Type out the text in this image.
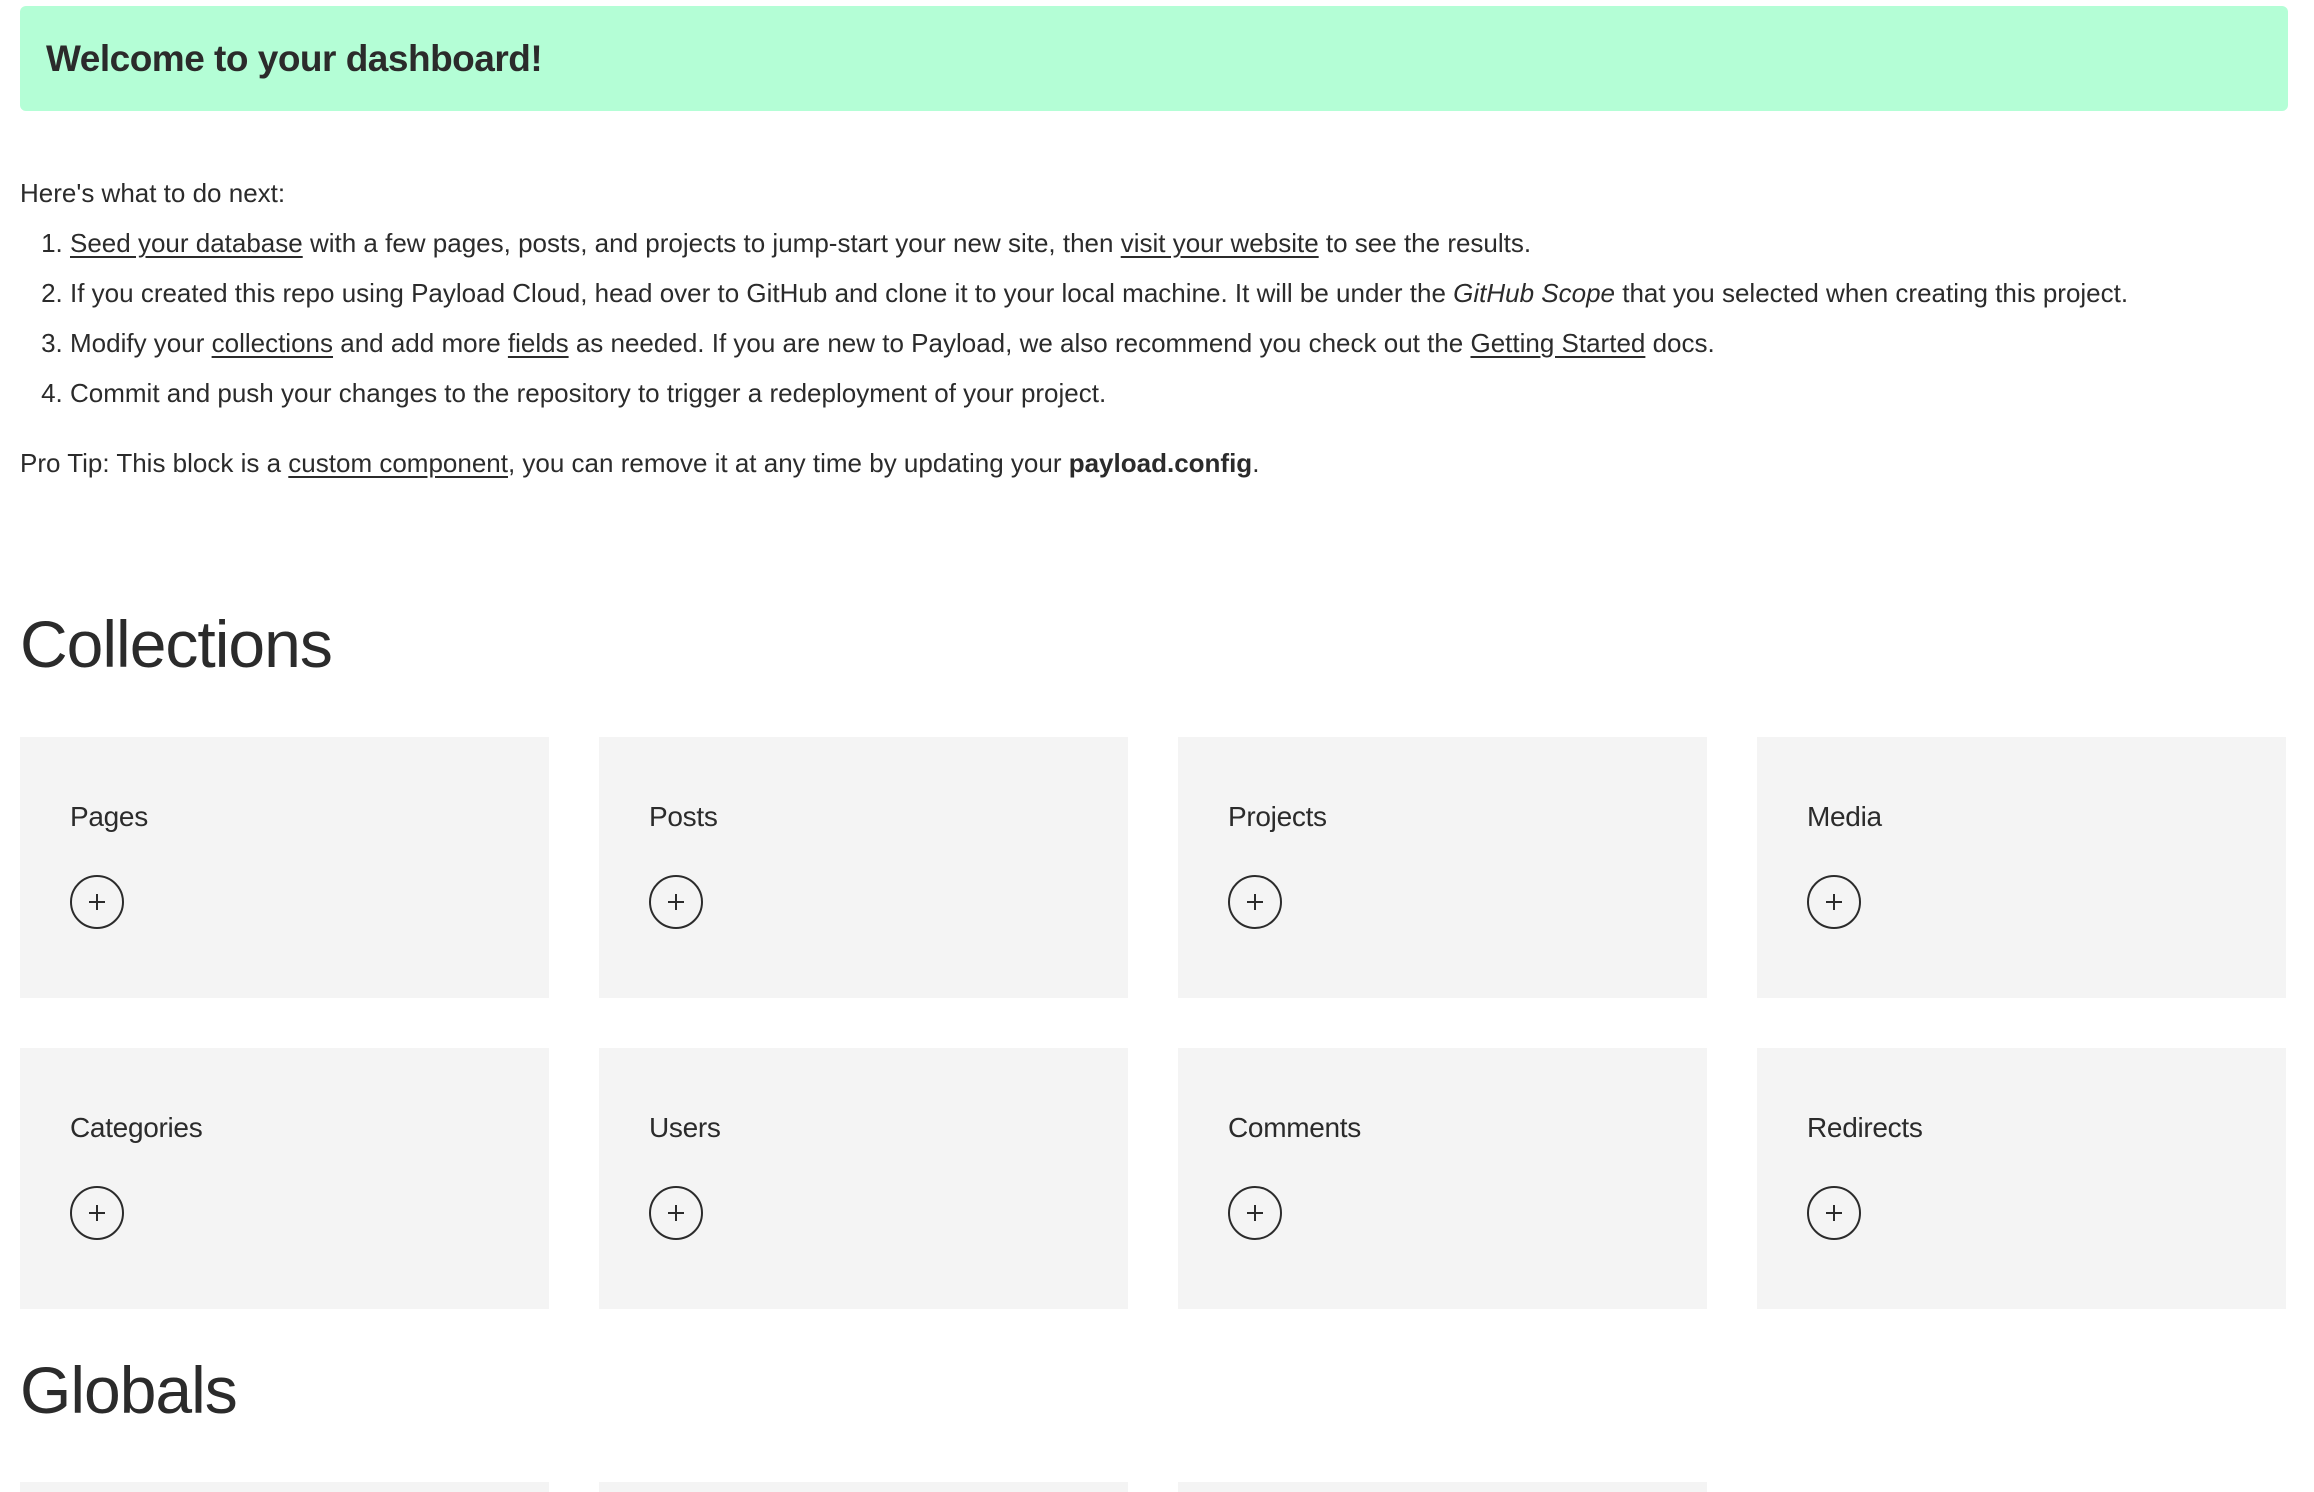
Welcome to your dashboard!

Here's what to do next:

1. Seed your database with a few pages, posts, and projects to jump-start your new site, then visit your website to see the results.
2. If you created this repo using Payload Cloud, head over to GitHub and clone it to your local machine. It will be under the GitHub Scope that you selected when creating this project.
3. Modify your collections and add more fields as needed. If you are new to Payload, we also recommend you check out the Getting Started docs.
4. Commit and push your changes to the repository to trigger a redeployment of your project.

Pro Tip: This block is a custom component, you can remove it at any time by updating your payload.config.

Collections
Pages	Posts	Projects	Media
Categories	Users	Comments	Redirects
Globals
